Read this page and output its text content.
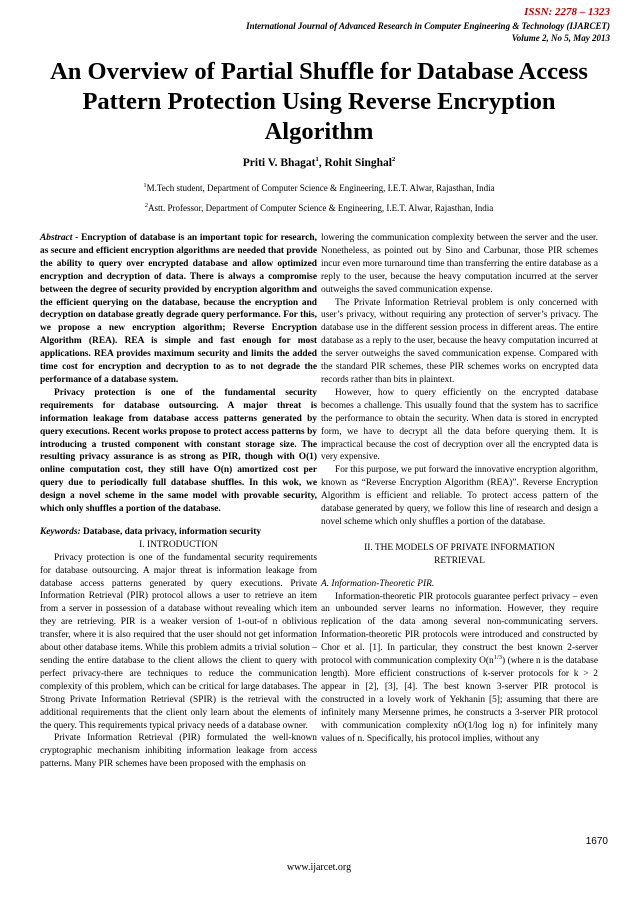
ISSN: 2278 – 1323
International Journal of Advanced Research in Computer Engineering & Technology (IJARCET)
Volume 2, No 5, May 2013
An Overview of Partial Shuffle for Database Access Pattern Protection Using Reverse Encryption Algorithm
Priti V. Bhagat$^1$, Rohit Singhal$^2$
$^1$M.Tech student, Department of Computer Science & Engineering, I.E.T. Alwar, Rajasthan, India
$^2$Astt. Professor, Department of Computer Science & Engineering, I.E.T. Alwar, Rajasthan, India

Abstract - Encryption of database is an important topic for research, as secure and efficient encryption algorithms are needed that provide the ability to query over encrypted database and allow optimized encryption and decryption of data. There is always a compromise between the degree of security provided by encryption algorithm and the efficient querying on the database, because the encryption and decryption on database greatly degrade query performance. For this, we propose a new encryption algorithm; Reverse Encryption Algorithm (REA). REA is simple and fast enough for most applications. REA provides maximum security and limits the added time cost for encryption and decryption to as to not degrade the performance of a database system.

Privacy protection is one of the fundamental security requirements for database outsourcing. A major threat is information leakage from database access patterns generated by query executions. Recent works propose to protect access patterns by introducing a trusted component with constant storage size. The resulting privacy assurance is as strong as PIR, though with O(1) online computation cost, they still have O(n) amortized cost per query due to periodically full database shuffles. In this wok, we design a novel scheme in the same model with provable security, which only shuffles a portion of the database.

Keywords: Database, data privacy, information security

I. INTRODUCTION

Privacy protection is one of the fundamental security requirements for database outsourcing. A major threat is information leakage from database access patterns generated by query executions. Private Information Retrieval (PIR) protocol allows a user to retrieve an item from a server in possession of a database without revealing which item they are retrieving. PIR is a weaker version of 1-out-of n oblivious transfer, where it is also required that the user should not get information about other database items. While this problem admits a trivial solution – sending the entire database to the client allows the client to query with perfect privacy-there are techniques to reduce the communication complexity of this problem, which can be critical for large databases. The Strong Private Information Retrieval (SPIR) is the retrieval with the additional requirements that the client only learn about the elements of the query. This requirements typical privacy needs of a database owner.

Private Information Retrieval (PIR) formulated the well-known cryptographic mechanism inhibiting information leakage from access patterns. Many PIR schemes have been proposed with the emphasis on

lowering the communication complexity between the server and the user. Nonetheless, as pointed out by Sino and Carbunar, those PIR schemes incur even more turnaround time than transferring the entire database as a reply to the user, because the heavy computation incurred at the server outweighs the saved communication expense.

The Private Information Retrieval problem is only concerned with user’s privacy, without requiring any protection of server’s privacy. The database use in the different session process in different areas. The entire database as a reply to the user, because the heavy computation incurred at the server outweighs the saved communication expense. Compared with the standard PIR schemes, these PIR schemes works on encrypted data records rather than bits in plaintext.

However, how to query efficiently on the encrypted database becomes a challenge. This usually found that the system has to sacrifice the performance to obtain the security. When data is stored in encrypted form, we have to decrypt all the data before querying them. It is impractical because the cost of decryption over all the encrypted data is very expensive.

For this purpose, we put forward the innovative encryption algorithm, known as “Reverse Encryption Algorithm (REA)”. Reverse Encryption Algorithm is efficient and reliable. To protect access pattern of the database generated by query, we follow this line of research and design a novel scheme which only shuffles a portion of the database.

II. THE MODELS OF PRIVATE INFORMATION
RETRIEVAL

A. Information-Theoretic PIR.

Information-theoretic PIR protocols guarantee perfect privacy – even an unbounded server learns no information. However, they require replication of the data among several non-communicating servers. Information-theoretic PIR protocols were introduced and constructed by Chor et al. [1]. In particular, they construct the best known 2-server protocol with communication complexity $O(n^{1/3})$ (where n is the database length). More efficient constructions of k-server protocols for k > 2 appear in [2], [3], [4]. The best known 3-server PIR protocol is constructed in a lovely work of Yekhanin [5]; assuming that there are infinitely many Mersenne primes, he constructs a 3-server PIR protocol with communication complexity nO(1/log log n) for infinitely many values of n. Specifically, his protocol implies, without any

1670
www.ijarcet.org
